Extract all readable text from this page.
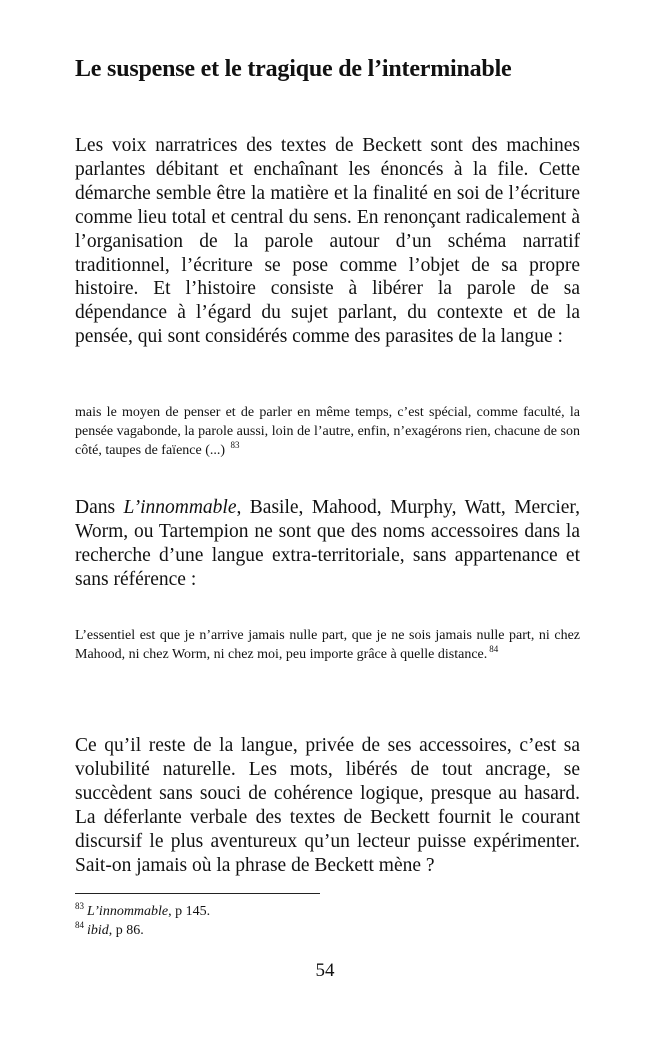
Le suspense et le tragique de l’interminable

Les voix narratrices des textes de Beckett sont des machines parlantes débitant et enchaînant les énoncés à la file. Cette démarche semble être la matière et la finalité en soi de l’écriture comme lieu total et central du sens. En renonçant radicalement à l’organisation de la parole autour d’un schéma narratif traditionnel, l’écriture se pose comme l’objet de sa propre histoire. Et l’histoire consiste à libérer la parole de sa dépendance à l’égard du sujet parlant, du contexte et de la pensée, qui sont considérés comme des parasites de la langue :

mais le moyen de penser et de parler en même temps, c’est spécial, comme faculté, la pensée vagabonde, la parole aussi, loin de l’autre, enfin, n’exagérons rien, chacune de son côté, taupes de faïence (...) $^{83}$

Dans L’innommable, Basile, Mahood, Murphy, Watt, Mercier, Worm, ou Tartempion ne sont que des noms accessoires dans la recherche d’une langue extra-territoriale, sans appartenance et sans référence :

L’essentiel est que je n’arrive jamais nulle part, que je ne sois jamais nulle part, ni chez Mahood, ni chez Worm, ni chez moi, peu importe grâce à quelle distance. $^{84}$

Ce qu’il reste de la langue, privée de ses accessoires, c’est sa volubilité naturelle. Les mots, libérés de tout ancrage, se succèdent sans souci de cohérence logique, presque au hasard. La déferlante verbale des textes de Beckett fournit le courant discursif le plus aventureux qu’un lecteur puisse expérimenter. Sait-on jamais où la phrase de Beckett mène ?

$^{83}$ L’innommable, p 145.
$^{84}$ ibid, p 86.
54
